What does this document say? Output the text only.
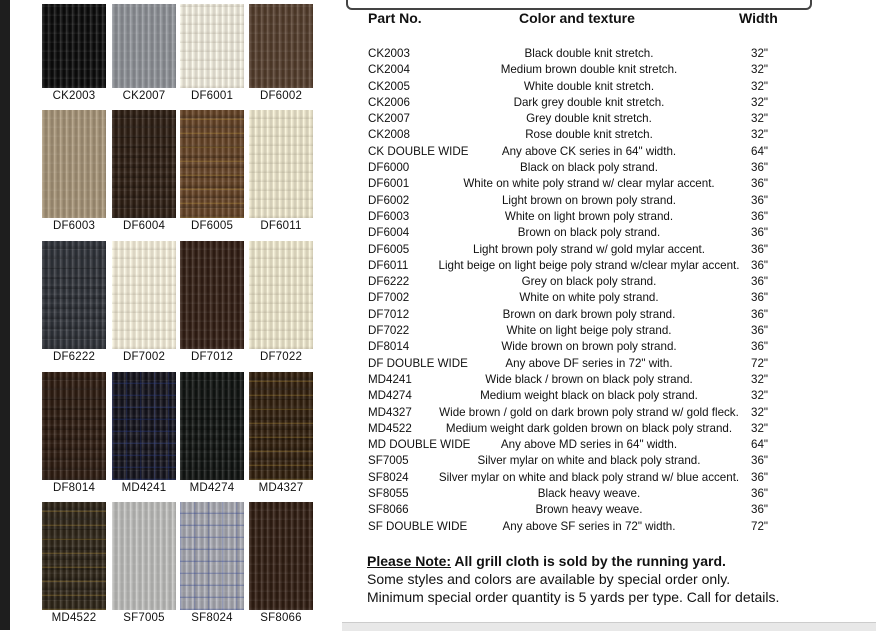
CK2003	CK2007	DF6001	DF6002
DF6003	DF6004	DF6005	DF6011
DF6222	DF7002	DF7012	DF7022
DF8014	MD4241	MD4274	MD4327
MD4522	SF7005	SF8024	SF8066
Part No.	Color and texture	Width
CK2003	Black double knit stretch.	32"
CK2004	Medium brown double knit stretch.	32"
CK2005	White double knit stretch.	32"
CK2006	Dark grey double knit stretch.	32"
CK2007	Grey double knit stretch.	32"
CK2008	Rose double knit stretch.	32"
CK DOUBLE WIDE	Any above CK series in 64" width.	64"
DF6000	Black on black poly strand.	36"
DF6001	White on white poly strand w/ clear mylar accent.	36"
DF6002	Light brown on brown poly strand.	36"
DF6003	White on light brown poly strand.	36"
DF6004	Brown on black poly strand.	36"
DF6005	Light brown poly strand w/ gold mylar accent.	36"
DF6011	Light beige on light beige poly strand w/clear mylar accent. 36"
DF6222	Grey on black poly strand.	36"
DF7002	White on white poly strand.	36"
DF7012	Brown on dark brown poly strand.	36"
DF7022	White on light beige poly strand.	36"
DF8014	Wide brown on brown poly strand.	36"
DF DOUBLE WIDE	Any above DF series in 72" with.	72"
MD4241	Wide black / brown on black poly strand.	32"
MD4274	Medium weight black on black poly strand.	32"
MD4327	Wide brown / gold on dark brown poly strand w/ gold fleck.	32"
MD4522	Medium weight dark golden brown on black poly strand.	32"
MD DOUBLE WIDE	Any above MD series in 64" width.	64"
SF7005	Silver mylar on white and black poly strand.	36"
SF8024	Silver mylar on white and black poly strand w/ blue accent.	36"
SF8055	Black heavy weave.	36"
SF8066	Brown heavy weave.	36"
SF DOUBLE WIDE	Any above SF series in 72" width.	72"
Please Note: All grill cloth is sold by the running yard.
Some styles and colors are available by special order only.
Minimum special order quantity is 5 yards per type. Call for details.
